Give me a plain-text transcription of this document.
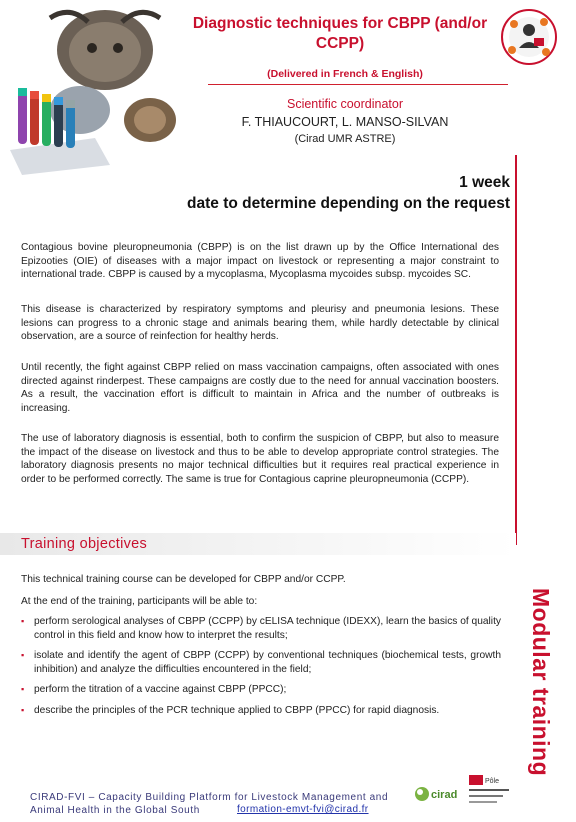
Diagnostic techniques for CBPP (and/or CCPP)
(Delivered in French & English)
Scientific coordinator
F. THIAUCOURT, L. MANSO-SILVAN
(Cirad UMR ASTRE)
1 week
date to determine depending on the request
Contagious bovine pleuropneumonia (CBPP) is on the list drawn up by the Office International des Epizooties (OIE) of diseases with a major impact on livestock or representing a major constraint to international trade. CBPP is caused by a mycoplasma, Mycoplasma mycoides subsp. mycoides SC.
This disease is characterized by respiratory symptoms and pleurisy and pneumonia lesions. These lesions can progress to a chronic stage and animals bearing them, while hardly detectable by clinical observation, are a source of reinfection for healthy herds.
Until recently, the fight against CBPP relied on mass vaccination campaigns, often associated with ones directed against rinderpest. These campaigns are costly due to the need for annual vaccination boosters. As a result, the vaccination effort is difficult to maintain in Africa and the number of outbreaks is increasing.
The use of laboratory diagnosis is essential, both to confirm the suspicion of CBPP, but also to measure the impact of the disease on livestock and thus to be able to develop appropriate control strategies. The laboratory diagnosis presents no major technical difficulties but it requires real practical experience in order to be performed correctly. The same is true for Contagious caprine pleuropneumonia (CCPP).
Training objectives
This technical training course can be developed for CBPP and/or CCPP.
At the end of the training, participants will be able to:
▪ perform serological analyses of CBPP (CCPP) by cELISA technique (IDEXX), learn the basics of quality control in this field and know how to interpret the results;
▪ isolate and identify the agent of CBPP (CCPP) by conventional techniques (biochemical tests, growth inhibition) and analyze the difficulties encountered in the field;
▪ perform the titration of a vaccine against CBPP (PPCC);
▪ describe the principles of the PCR technique applied to CBPP (PPCC) for rapid diagnosis.	Modular training
CIRAD-FVI – Capacity Building Platform for Livestock Management and
Animal Health in the Global South	formation-emvt-fvi@cirad.fr
cirad
Pôle
